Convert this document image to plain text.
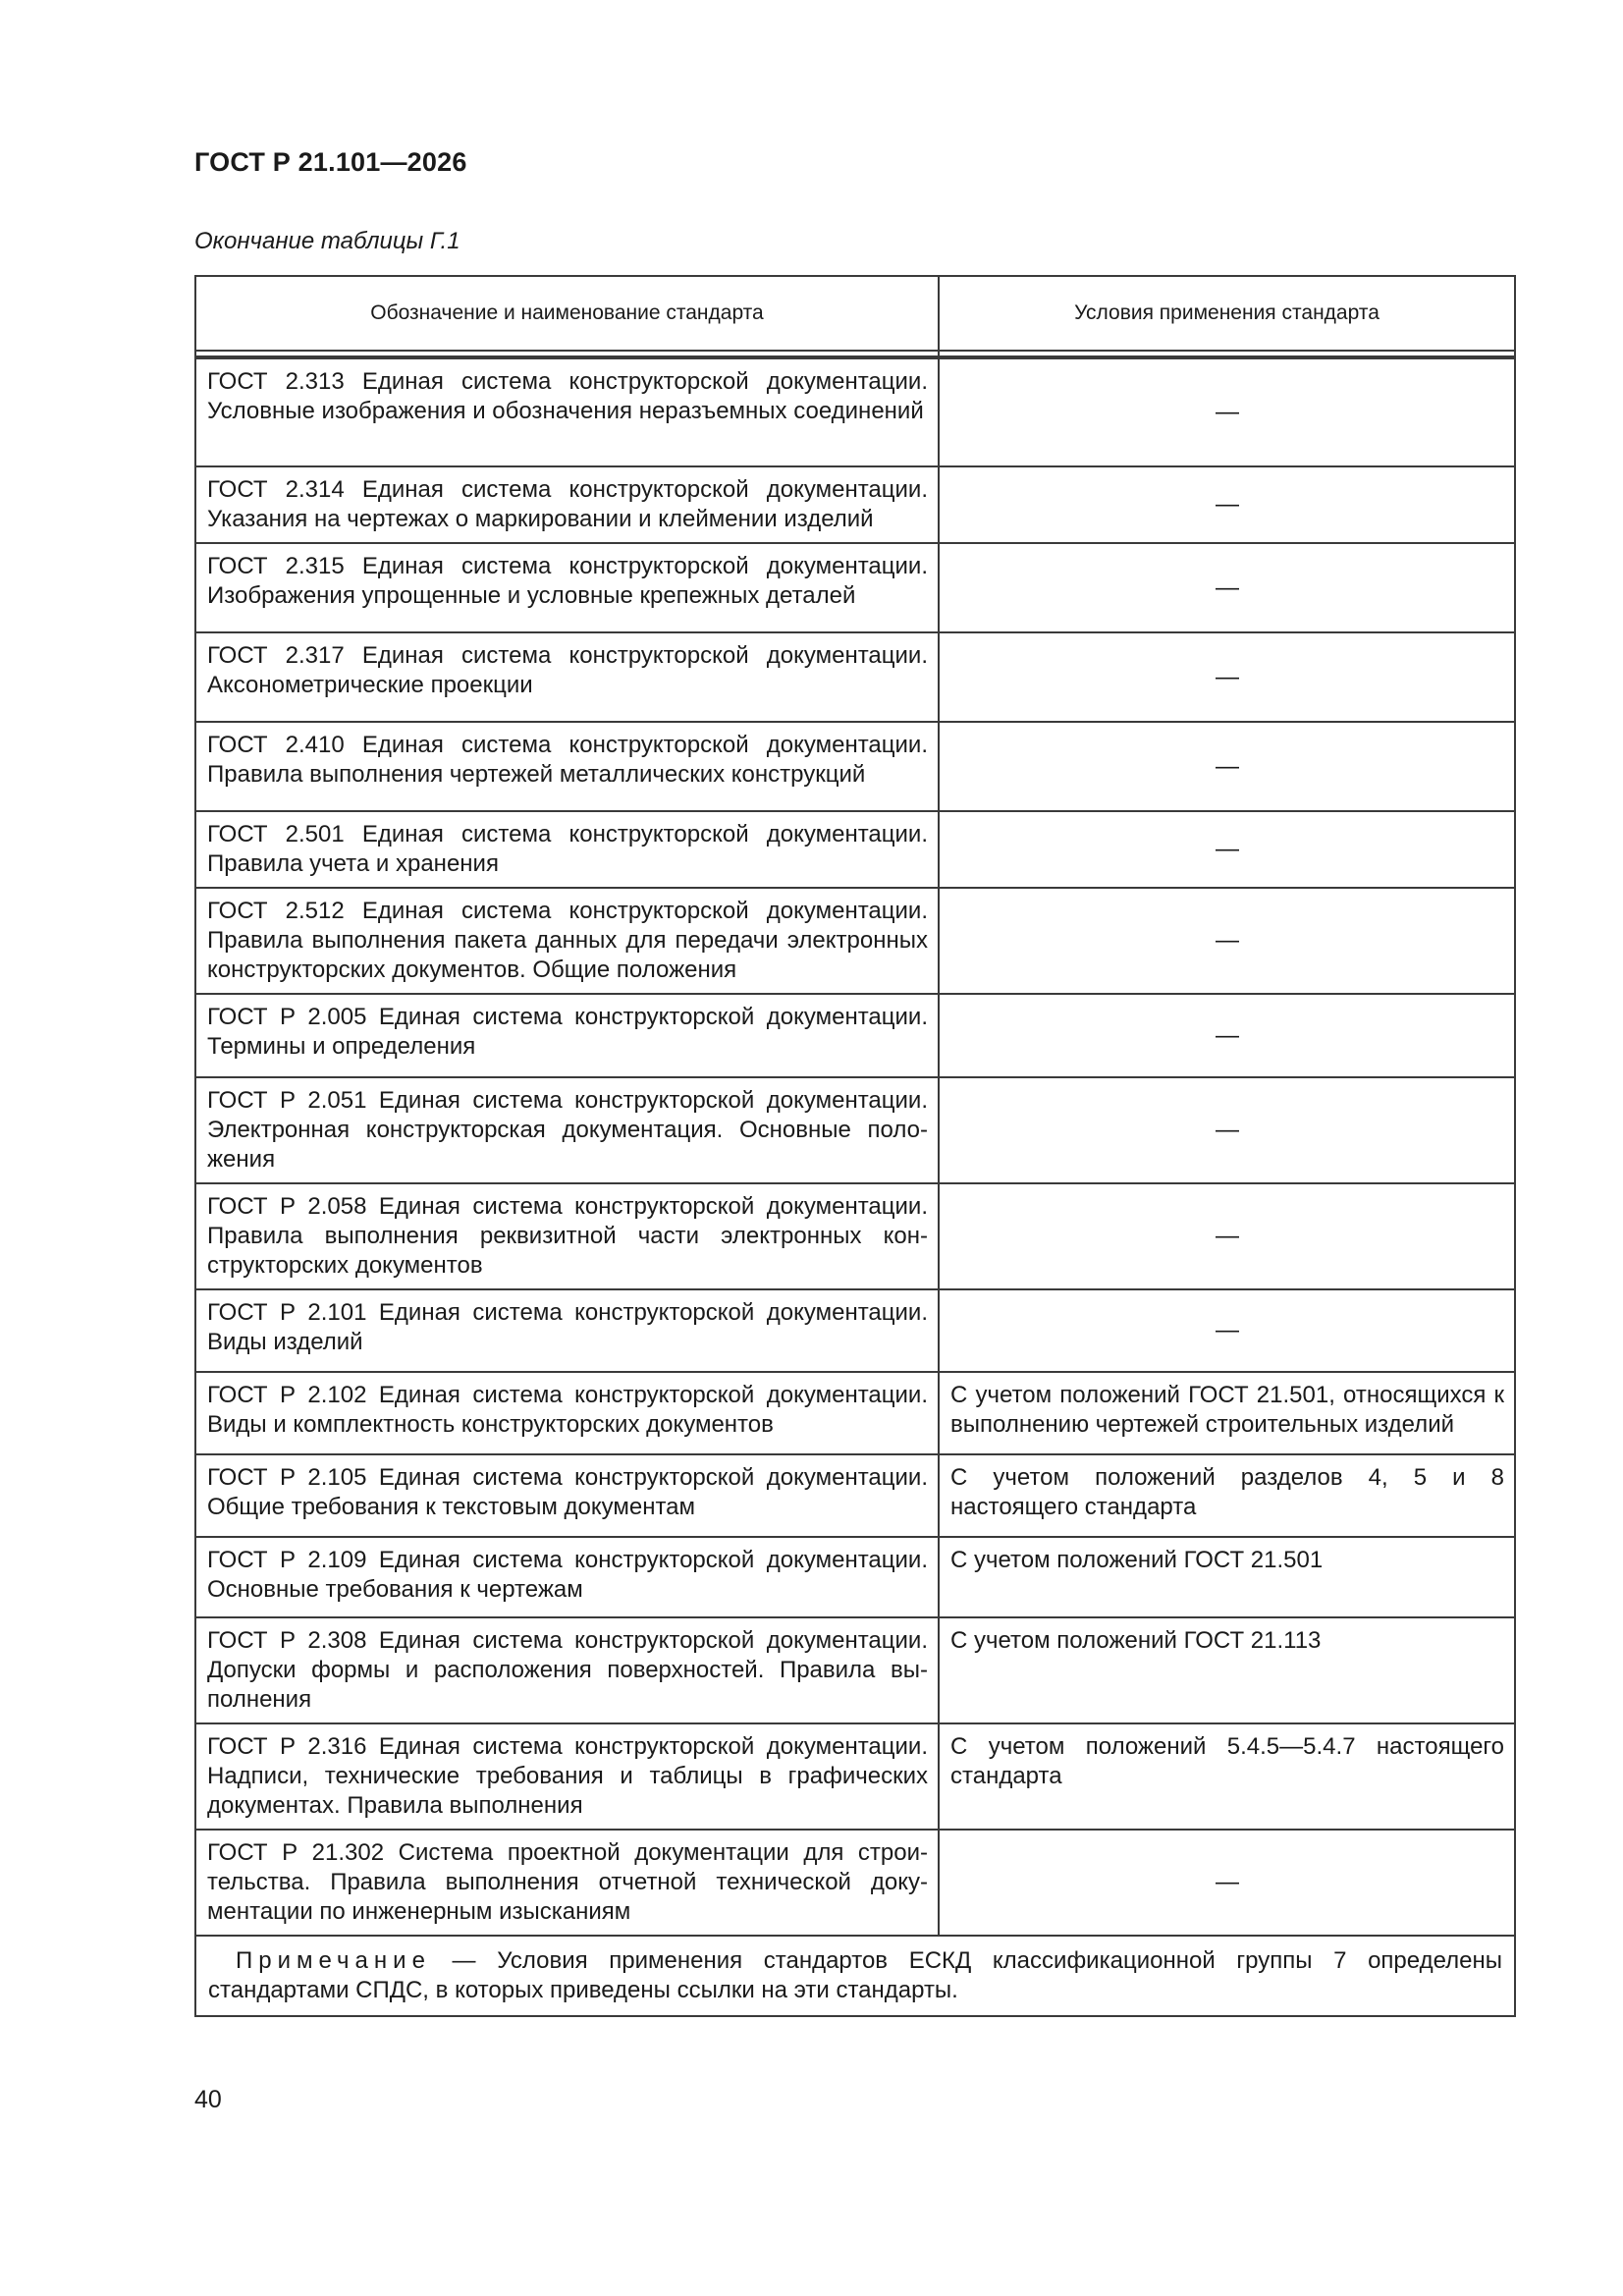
ГОСТ Р 21.101—2026
Окончание таблицы Г.1
Обозначение и наименование стандарта	Условия применения стандарта

ГОСТ 2.313 Единая система конструкторской документации. Условные изображения и обозначения неразъемных соединений	—
ГОСТ 2.314 Единая система конструкторской документации. Указания на чертежах о маркировании и клеймении изделий	—
ГОСТ 2.315 Единая система конструкторской документации. Изображения упрощенные и условные крепежных деталей	—
ГОСТ 2.317 Единая система конструкторской документации. Аксонометрические проекции	—
ГОСТ 2.410 Единая система конструкторской документации. Правила выполнения чертежей металлических конструкций	—
ГОСТ 2.501 Единая система конструкторской документации. Правила учета и хранения	—
ГОСТ 2.512 Единая система конструкторской документации. Правила выполнения пакета данных для передачи электронных конструкторских документов. Общие положения	—
ГОСТ Р 2.005 Единая система конструкторской документации. Термины и определения	—
ГОСТ Р 2.051 Единая система конструкторской документации. Электронная конструкторская документация. Основные положения	—
ГОСТ Р 2.058 Единая система конструкторской документации. Правила выполнения реквизитной части электронных конструкторских документов	—
ГОСТ Р 2.101 Единая система конструкторской документации. Виды изделий	—
ГОСТ Р 2.102 Единая система конструкторской документации. Виды и комплектность конструкторских документов	С учетом положений ГОСТ 21.501, относящихся к выполнению чертежей строительных изделий
ГОСТ Р 2.105 Единая система конструкторской документации. Общие требования к текстовым документам	С учетом положений разделов 4, 5 и 8 настоящего стандарта
ГОСТ Р 2.109 Единая система конструкторской документации. Основные требования к чертежам	С учетом положений ГОСТ 21.501
ГОСТ Р 2.308 Единая система конструкторской документации. Допуски формы и расположения поверхностей. Правила выполнения	С учетом положений ГОСТ 21.113
ГОСТ Р 2.316 Единая система конструкторской документации. Надписи, технические требования и таблицы в графических документах. Правила выполнения	С учетом положений 5.4.5—5.4.7 настоящего стандарта
ГОСТ Р 21.302 Система проектной документации для строительства. Правила выполнения отчетной технической документации по инженерным изысканиям	—
Примечание — Условия применения стандартов ЕСКД классификационной группы 7 определены стандартами СПДС, в которых приведены ссылки на эти стандарты.	
40
